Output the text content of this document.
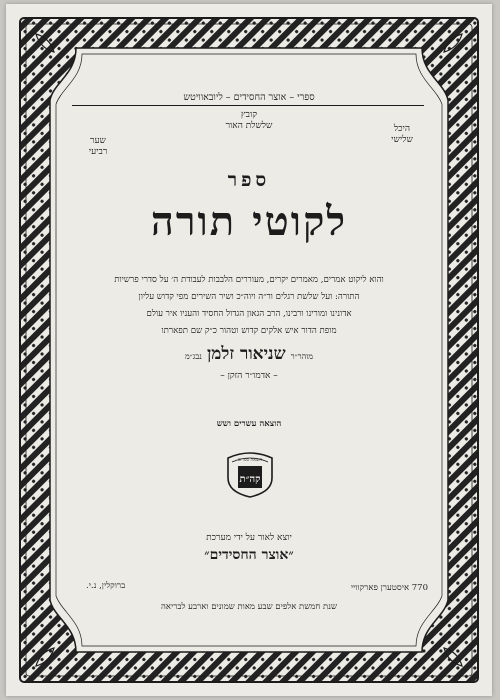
ספרי – אוצר החסידים – ליובאוויטש
קובץ
שלשלת האור	היכל
שלישי
שער
רביעי
ספר
לקוטי תורה
והוא ליקוט אמרים, מאמרים יקרים, מעוררים הלבבות לעבודת ה׳ על סדרי פרשיות
התורה: ועל שלשת רגלים ור״ה ויוה״כ ושיר השירים מפי קדוש עליון
אדונינו ומורינו ורבינו, הרב הגאון הגדול החסיד והעניו איר עולם
מופת הדור איש אלקים קדוש וטהור כ״ק שם תפארתו
מוהר״ר שניאור זלמן נבג״מ
– אדמו״ר הזקן –
הוצאה עשרים ושש
קה״ת
הוצאת ספרים
יוצא לאור על ידי מערכת
״אוצר החסידים״
ברוקלין, נ.י.	770 איסטערן פארקוויי
שנת חמשת אלפים שבע מאות שמונים וארבע לבריאה
